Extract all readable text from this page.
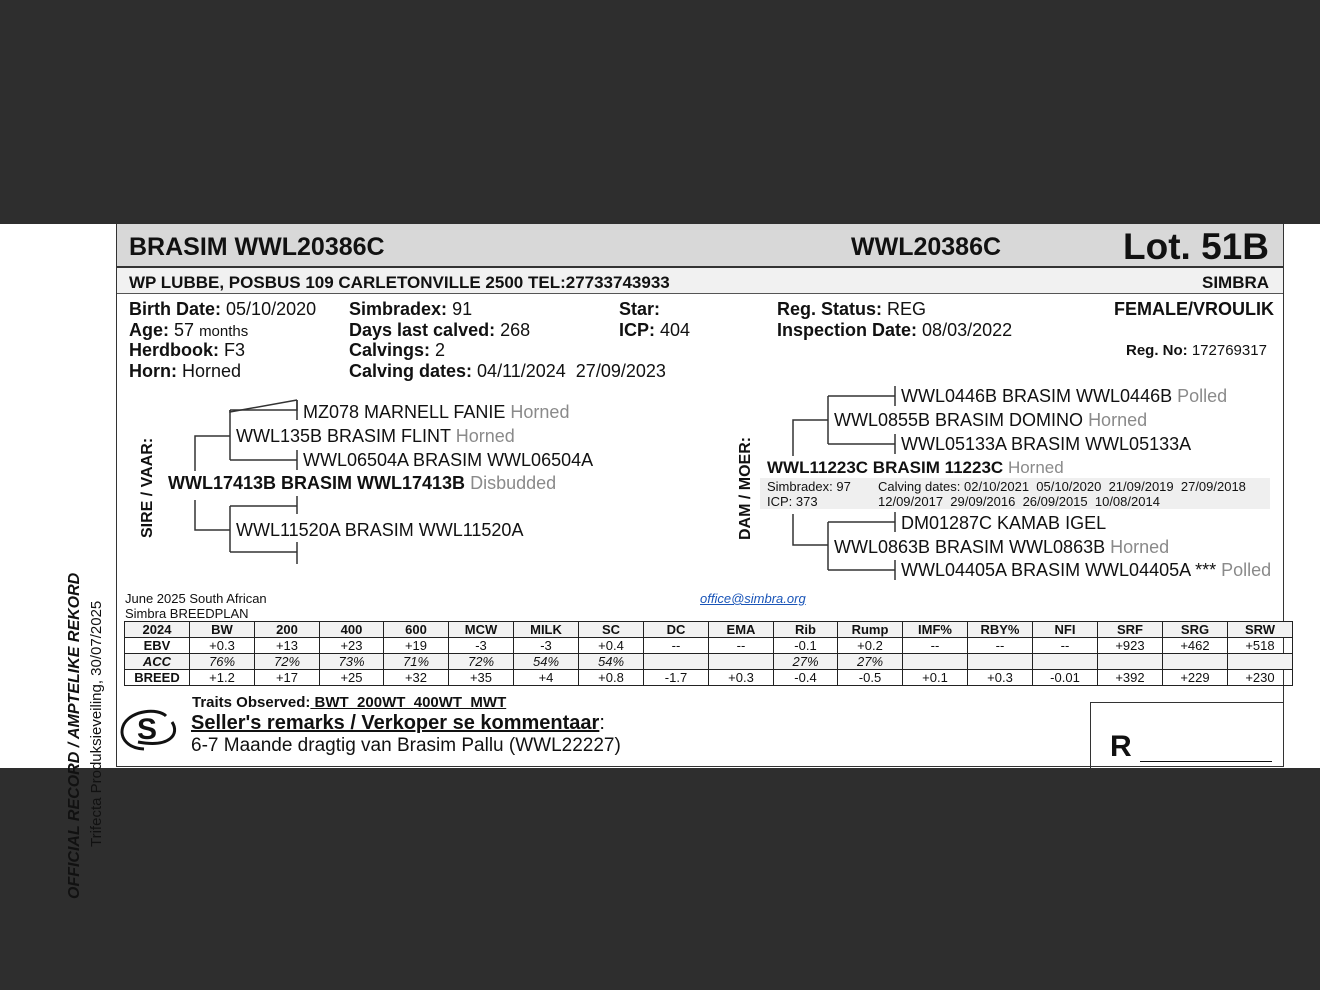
OFFICIAL RECORD / AMPTELIKE REKORD Trifecta Produksieveiling, 30/07/2025
BRASIM WWL20386C	WWL20386C	Lot. 51B
WP LUBBE, POSBUS 109 CARLETONVILLE 2500 TEL:27733743933	SIMBRA
Birth Date: 05/10/2020
Age: 57 months
Herdbook: F3
Horn: Horned
Simbradex: 91
Days last calved: 268
Calvings: 2
Calving dates: 04/11/2024  27/09/2023
Star:
ICP: 404
Reg. Status: REG
Inspection Date: 08/03/2022
FEMALE/VROULIK
Reg. No: 172769317
SIRE / VAAR:
MZ078 MARNELL FANIE Horned
WWL135B BRASIM FLINT Horned
WWL06504A BRASIM WWL06504A
WWL17413B BRASIM WWL17413B Disbudded
WWL11520A BRASIM WWL11520A	DAM / MOER:
WWL0446B BRASIM WWL0446B Polled
WWL0855B BRASIM DOMINO Horned
WWL05133A BRASIM WWL05133A
WWL11223C BRASIM 11223C Horned
Simbradex: 97
ICP: 373
Calving dates: 02/10/2021  05/10/2020  21/09/2019  27/09/2018
12/09/2017  29/09/2016  26/09/2015  10/08/2014
DM01287C KAMAB IGEL
WWL0863B BRASIM WWL0863B Horned
WWL04405A BRASIM WWL04405A *** Polled
June 2025 South African
Simbra BREEDPLAN
office@simbra.org
2024	BW	200	400	600	MCW	MILK	SC	DC	EMA	Rib	Rump	IMF%	RBY%	NFI	SRF	SRG	SRW
EBV	+0.3	+13	+23	+19	-3	-3	+0.4	--	--	-0.1	+0.2	--	--	--	+923	+462	+518
ACC	76%	72%	73%	71%	72%	54%	54%			27%	27%						
BREED	+1.2	+17	+25	+32	+35	+4	+0.8	-1.7	+0.3	-0.4	-0.5	+0.1	+0.3	-0.01	+392	+229	+230
S
Traits Observed: BWT  200WT  400WT  MWT
Seller's remarks / Verkoper se kommentaar:
6-7 Maande dragtig van Brasim Pallu (WWL22227)	R
